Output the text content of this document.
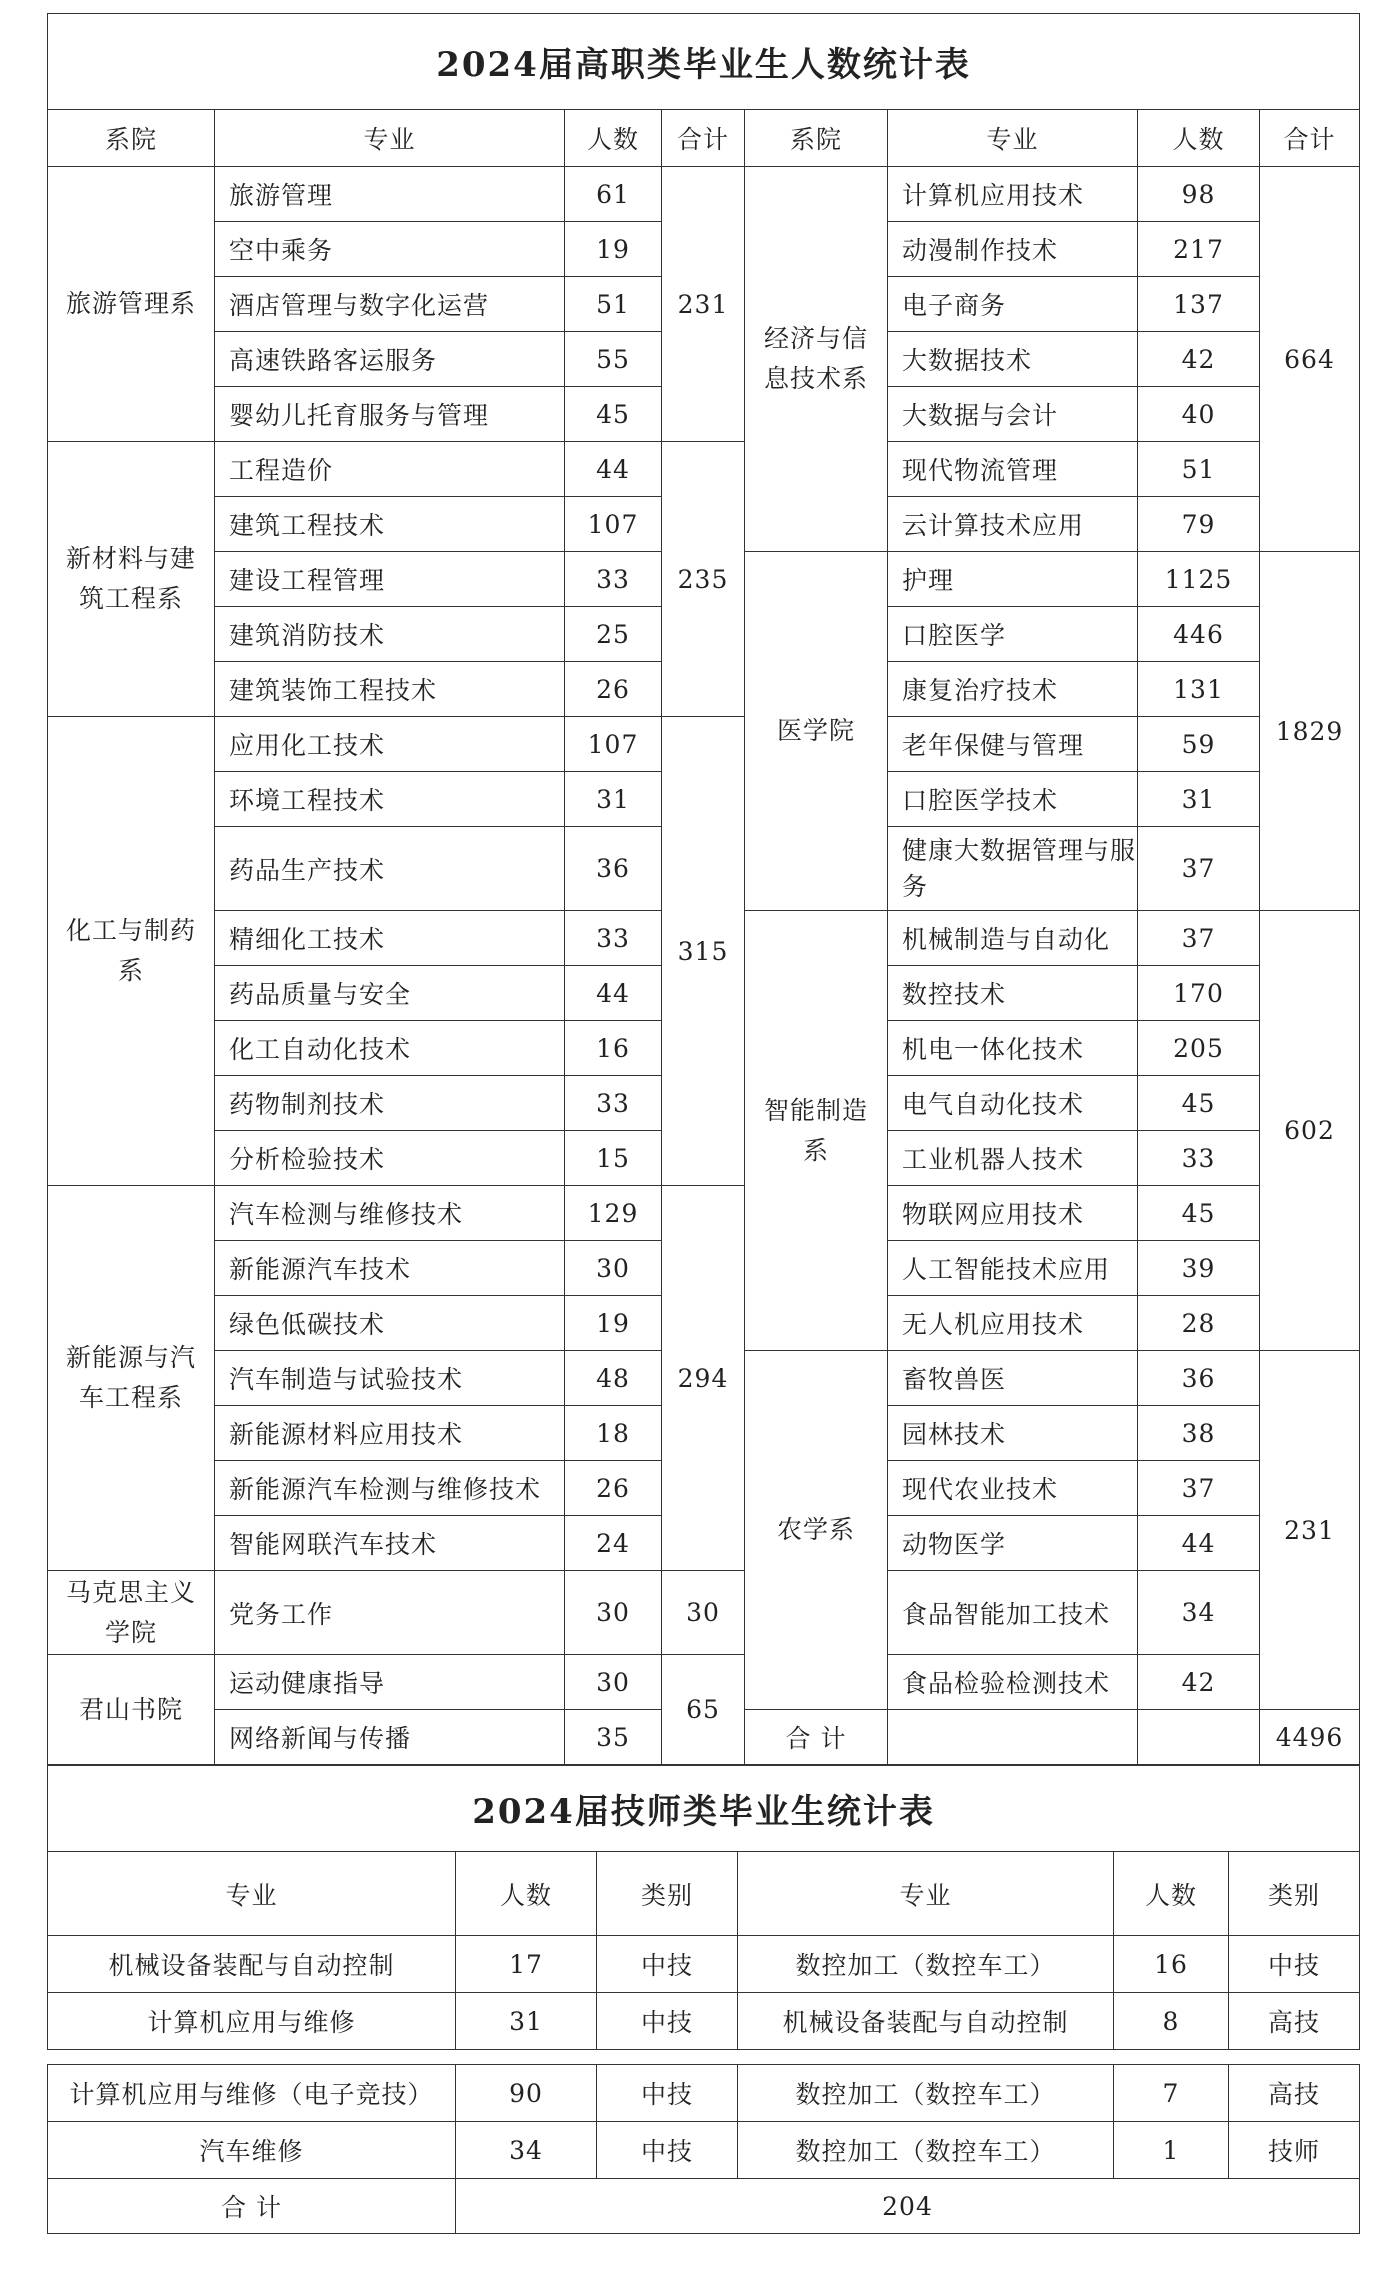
2024届高职类毕业生人数统计表							
系院	专业	人数	合计	系院	专业	人数	合计
旅游管理系	旅游管理	61	231	经济与信息技术系	计算机应用技术	98	664
	空中乘务	19			动漫制作技术	217	
	酒店管理与数字化运营	51			电子商务	137	
	高速铁路客运服务	55			大数据技术	42	
	婴幼儿托育服务与管理	45			大数据与会计	40	
新材料与建筑工程系	工程造价	44	235		现代物流管理	51	
	建筑工程技术	107			云计算技术应用	79	
	建设工程管理	33		医学院	护理	1125	1829
	建筑消防技术	25			口腔医学	446	
	建筑装饰工程技术	26			康复治疗技术	131	
化工与制药系	应用化工技术	107	315		老年保健与管理	59	
	环境工程技术	31			口腔医学技术	31	
	药品生产技术	36			健康大数据管理与服务	37	
	精细化工技术	33		智能制造系	机械制造与自动化	37	602
	药品质量与安全	44			数控技术	170	
	化工自动化技术	16			机电一体化技术	205	
	药物制剂技术	33			电气自动化技术	45	
	分析检验技术	15			工业机器人技术	33	
新能源与汽车工程系	汽车检测与维修技术	129	294		物联网应用技术	45	
	新能源汽车技术	30			人工智能技术应用	39	
	绿色低碳技术	19			无人机应用技术	28	
	汽车制造与试验技术	48		农学系	畜牧兽医	36	231
	新能源材料应用技术	18			园林技术	38	
	新能源汽车检测与维修技术	26			现代农业技术	37	
	智能网联汽车技术	24			动物医学	44	
马克思主义学院	党务工作	30	30		食品智能加工技术	34	
君山书院	运动健康指导	30	65		食品检验检测技术	42	
	网络新闻与传播	35		合 计			4496
2024届技师类毕业生统计表					
专业	人数	类别	专业	人数	类别
机械设备装配与自动控制	17	中技	数控加工（数控车工）	16	中技
计算机应用与维修	31	中技	机械设备装配与自动控制	8	高技
计算机应用与维修（电子竞技）	90	中技	数控加工（数控车工）	7	高技
汽车维修	34	中技	数控加工（数控车工）	1	技师
合 计	204				
